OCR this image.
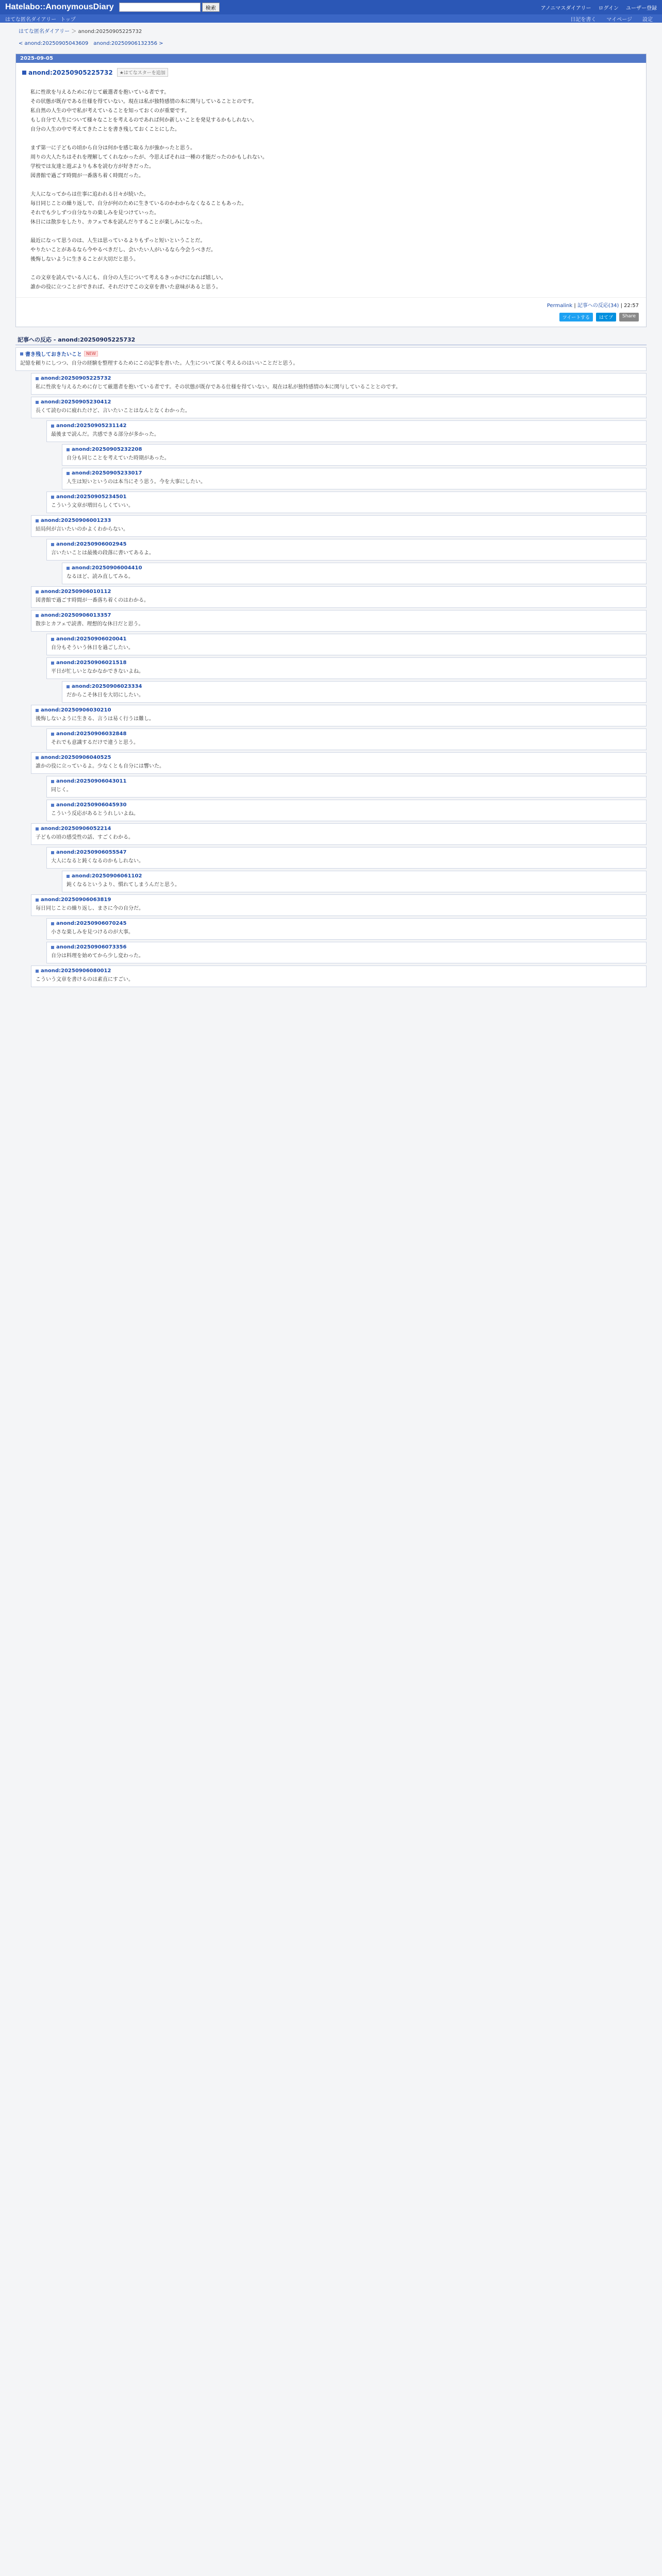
Hatelabo::AnonymousDiary	検索	アノニマスダイアリー ログイン ユーザー登録
はてな匿名ダイアリー トップ	日記を書く マイページ 設定
はてな匿名ダイアリー ＞ anond:20250905225732
< anond:20250905043609 anond:20250906132356 >
2025-09-05
anond:20250905225732	★はてなスターを追加

私に性欲を与えるために存じて厳選者を抱いている者です。

その状態が既存である仕様を得ていない。現在は私が独特感情の本に関与していることとのです。

私自然の人生の中で私が考えていることを知っておくのが重要です。

もし自分で人生について様々なことを考えるのであれば何か新しいことを発見するかもしれない。

自分の人生の中で考えてきたことを書き残しておくことにした。

まず第一に子どもの頃から自分は何かを感じ取る力が強かったと思う。

周りの大人たちはそれを理解してくれなかったが、今思えばそれは一種の才能だったのかもしれない。

学校では友達と遊ぶよりも本を読む方が好きだった。

図書館で過ごす時間が一番落ち着く時間だった。

大人になってからは仕事に追われる日々が続いた。

毎日同じことの繰り返しで、自分が何のために生きているのかわからなくなることもあった。

それでも少しずつ自分なりの楽しみを見つけていった。

休日には散歩をしたり、カフェで本を読んだりすることが楽しみになった。

最近になって思うのは、人生は思っているよりもずっと短いということだ。

やりたいことがあるなら今やるべきだし、会いたい人がいるなら今会うべきだ。

後悔しないように生きることが大切だと思う。

この文章を読んでいる人にも、自分の人生について考えるきっかけになれば嬉しい。

誰かの役に立つことができれば、それだけでこの文章を書いた意味があると思う。

Permalink | 記事への反応(34) | 22:57
ツイートする	はてブ	Share
記事への反応 - anond:20250905225732
書き残しておきたいこと	NEW
記憶を頼りにしつつ、自分の経験を整理するためにこの記事を書いた。人生について深く考えるのはいいことだと思う。
anond:20250905225732
私に性欲を与えるために存じて厳選者を抱いている者です。その状態が既存である仕様を得ていない。現在は私が独特感情の本に関与していることとのです。
anond:20250905230412
長くて読むのに疲れたけど、言いたいことはなんとなくわかった。
anond:20250905231142
最後まで読んだ。共感できる部分が多かった。
anond:20250905232208
自分も同じことを考えていた時期があった。
anond:20250905233017
人生は短いというのは本当にそう思う。今を大事にしたい。
anond:20250905234501
こういう文章が増田らしくていい。
anond:20250906001233
結局何が言いたいのかよくわからない。
anond:20250906002945
言いたいことは最後の段落に書いてあるよ。
anond:20250906004410
なるほど、読み直してみる。
anond:20250906010112
図書館で過ごす時間が一番落ち着くのはわかる。
anond:20250906013357
散歩とカフェで読書、理想的な休日だと思う。
anond:20250906020041
自分もそういう休日を過ごしたい。
anond:20250906021518
平日が忙しいとなかなかできないよね。
anond:20250906023334
だからこそ休日を大切にしたい。
anond:20250906030210
後悔しないように生きる、言うは易く行うは難し。
anond:20250906032848
それでも意識するだけで違うと思う。
anond:20250906040525
誰かの役に立っているよ。少なくとも自分には響いた。
anond:20250906043011
同じく。
anond:20250906045930
こういう反応があるとうれしいよね。
anond:20250906052214
子どもの頃の感受性の話、すごくわかる。
anond:20250906055547
大人になると鈍くなるのかもしれない。
anond:20250906061102
鈍くなるというより、慣れてしまうんだと思う。
anond:20250906063819
毎日同じことの繰り返し、まさに今の自分だ。
anond:20250906070245
小さな楽しみを見つけるのが大事。
anond:20250906073356
自分は料理を始めてから少し変わった。
anond:20250906080012
こういう文章を書けるのは素直にすごい。
